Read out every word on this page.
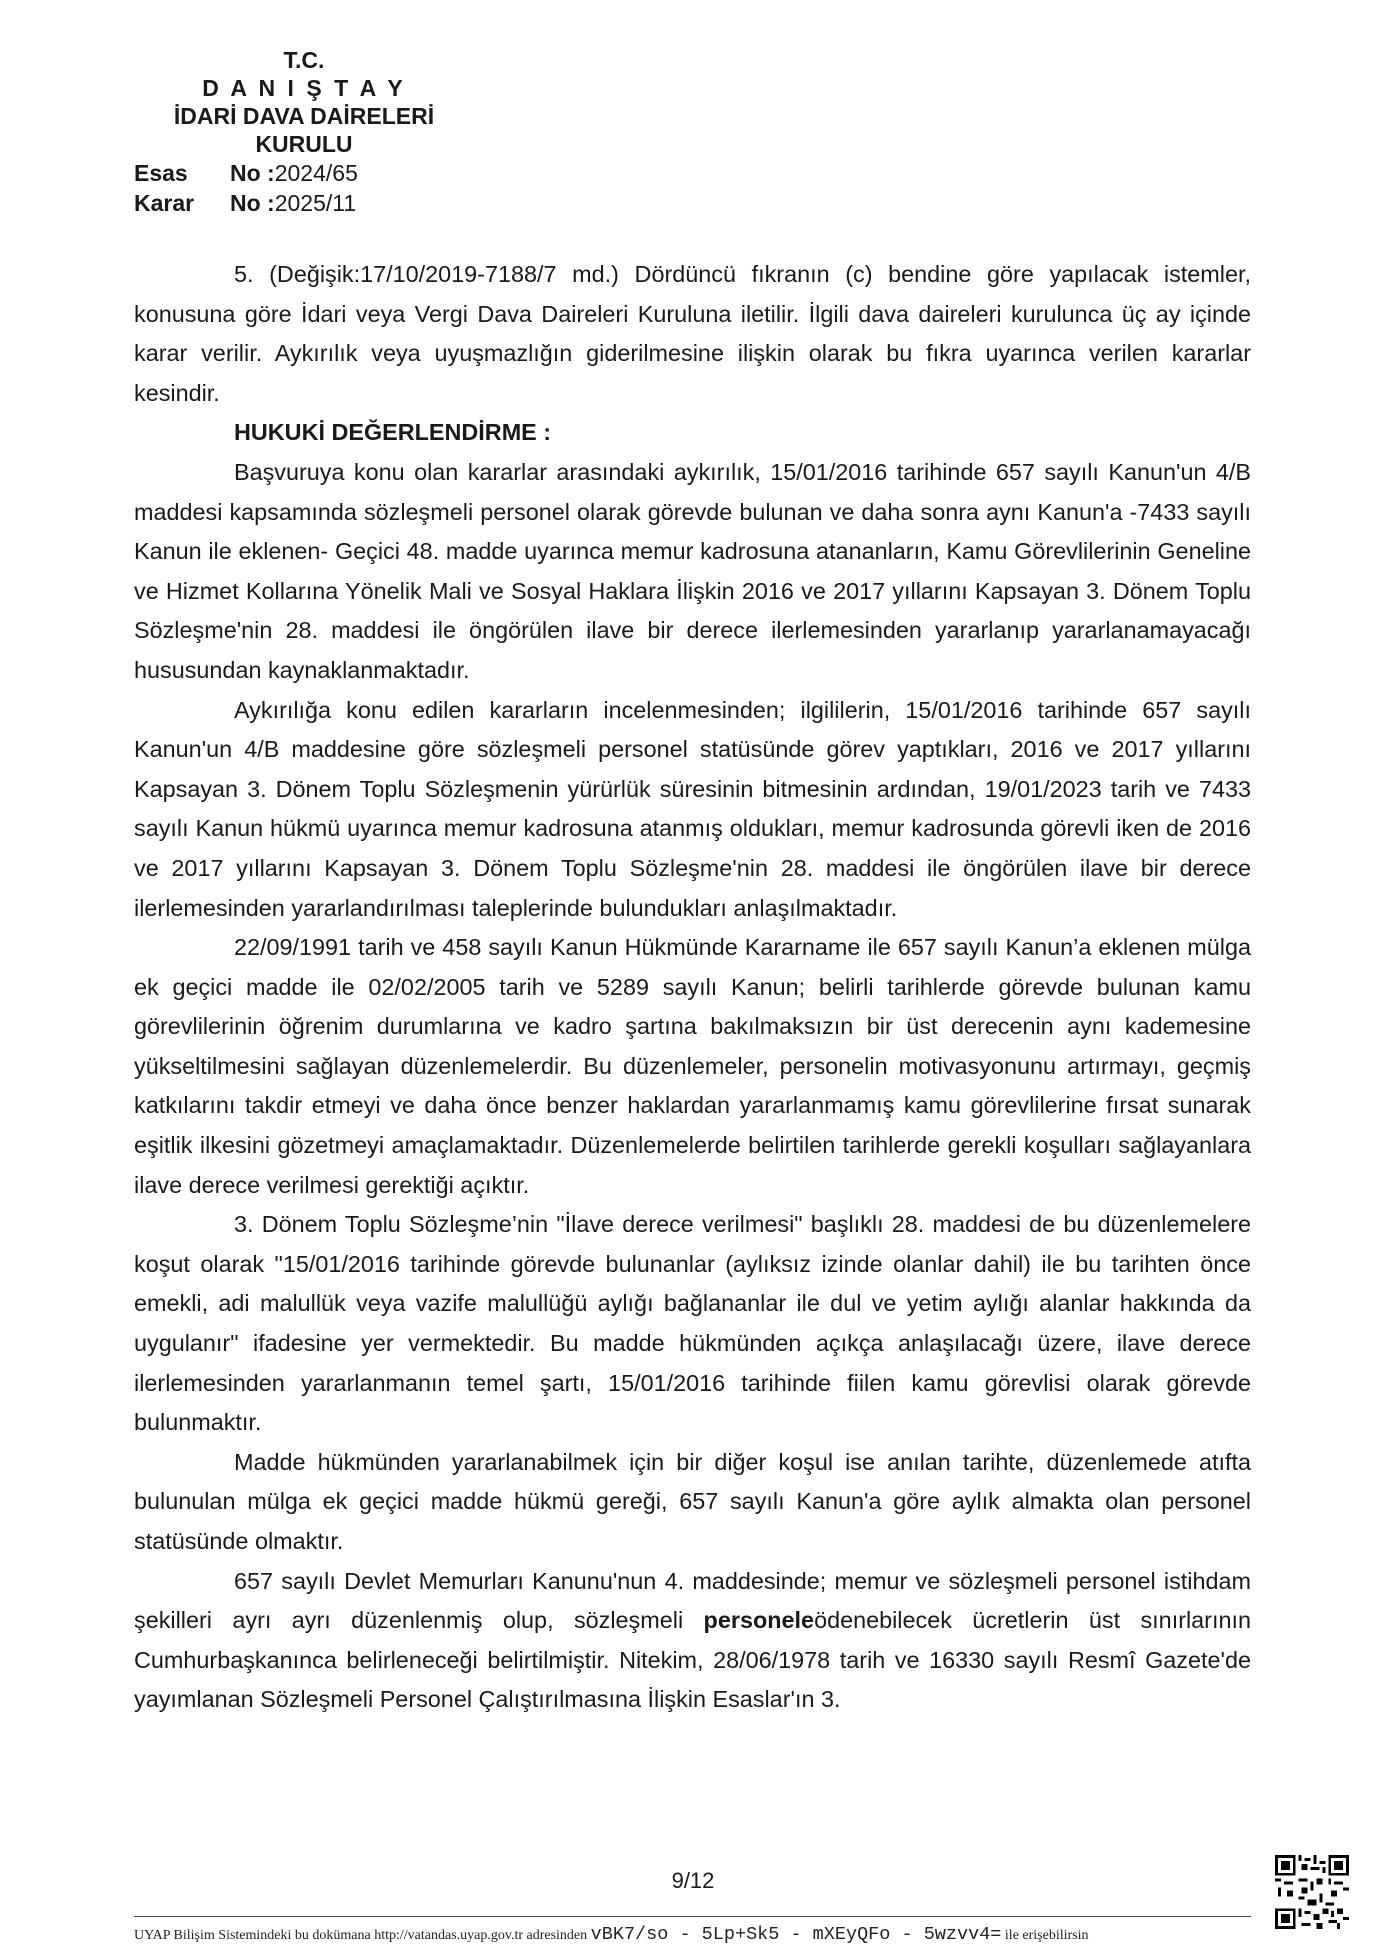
T.C.
D A N I Ş T A Y
İDARİ DAVA DAİRELERİ
KURULU
Esas	No : 2024/65
Karar	No : 2025/11

5. (Değişik:17/10/2019-7188/7 md.) Dördüncü fıkranın (c) bendine göre yapılacak istemler, konusuna göre İdari veya Vergi Dava Daireleri Kuruluna iletilir. İlgili dava daireleri kurulunca üç ay içinde karar verilir. Aykırılık veya uyuşmazlığın giderilmesine ilişkin olarak bu fıkra uyarınca verilen kararlar kesindir.

HUKUKİ DEĞERLENDİRME :

Başvuruya konu olan kararlar arasındaki aykırılık, 15/01/2016 tarihinde 657 sayılı Kanun'un 4/B maddesi kapsamında sözleşmeli personel olarak görevde bulunan ve daha sonra aynı Kanun'a -7433 sayılı Kanun ile eklenen- Geçici 48. madde uyarınca memur kadrosuna atananların, Kamu Görevlilerinin Geneline ve Hizmet Kollarına Yönelik Mali ve Sosyal Haklara İlişkin 2016 ve 2017 yıllarını Kapsayan 3. Dönem Toplu Sözleşme'nin 28. maddesi ile öngörülen ilave bir derece ilerlemesinden yararlanıp yararlanamayacağı hususundan kaynaklanmaktadır.

Aykırılığa konu edilen kararların incelenmesinden; ilgililerin, 15/01/2016 tarihinde 657 sayılı Kanun'un 4/B maddesine göre sözleşmeli personel statüsünde görev yaptıkları, 2016 ve 2017 yıllarını Kapsayan 3. Dönem Toplu Sözleşmenin yürürlük süresinin bitmesinin ardından, 19/01/2023 tarih ve 7433 sayılı Kanun hükmü uyarınca memur kadrosuna atanmış oldukları, memur kadrosunda görevli iken de 2016 ve 2017 yıllarını Kapsayan 3. Dönem Toplu Sözleşme'nin 28. maddesi ile öngörülen ilave bir derece ilerlemesinden yararlandırılması taleplerinde bulundukları anlaşılmaktadır.

22/09/1991 tarih ve 458 sayılı Kanun Hükmünde Kararname ile 657 sayılı Kanun’a eklenen mülga ek geçici madde ile 02/02/2005 tarih ve 5289 sayılı Kanun; belirli tarihlerde görevde bulunan kamu görevlilerinin öğrenim durumlarına ve kadro şartına bakılmaksızın bir üst derecenin aynı kademesine yükseltilmesini sağlayan düzenlemelerdir. Bu düzenlemeler, personelin motivasyonunu artırmayı, geçmiş katkılarını takdir etmeyi ve daha önce benzer haklardan yararlanmamış kamu görevlilerine fırsat sunarak eşitlik ilkesini gözetmeyi amaçlamaktadır. Düzenlemelerde belirtilen tarihlerde gerekli koşulları sağlayanlara ilave derece verilmesi gerektiği açıktır.

3. Dönem Toplu Sözleşme’nin "İlave derece verilmesi" başlıklı 28. maddesi de bu düzenlemelere koşut olarak "15/01/2016 tarihinde görevde bulunanlar (aylıksız izinde olanlar dahil) ile bu tarihten önce emekli, adi malullük veya vazife malullüğü aylığı bağlananlar ile dul ve yetim aylığı alanlar hakkında da uygulanır" ifadesine yer vermektedir. Bu madde hükmünden açıkça anlaşılacağı üzere, ilave derece ilerlemesinden yararlanmanın temel şartı, 15/01/2016 tarihinde fiilen kamu görevlisi olarak görevde bulunmaktır.

Madde hükmünden yararlanabilmek için bir diğer koşul ise anılan tarihte, düzenlemede atıfta bulunulan mülga ek geçici madde hükmü gereği, 657 sayılı Kanun'a göre aylık almakta olan personel statüsünde olmaktır.

657 sayılı Devlet Memurları Kanunu'nun 4. maddesinde; memur ve sözleşmeli personel istihdam şekilleri ayrı ayrı düzenlenmiş olup, sözleşmeli personeleödenebilecek ücretlerin üst sınırlarının Cumhurbaşkanınca belirleneceği belirtilmiştir. Nitekim, 28/06/1978 tarih ve 16330 sayılı Resmî Gazete'de yayımlanan Sözleşmeli Personel Çalıştırılmasına İlişkin Esaslar'ın 3.

9/12
UYAP Bilişim Sistemindeki bu dokümana http://vatandas.uyap.gov.tr adresinden vBK7/so - 5Lp+Sk5 - mXEyQFo - 5wzvv4= ile erişebilirsin
